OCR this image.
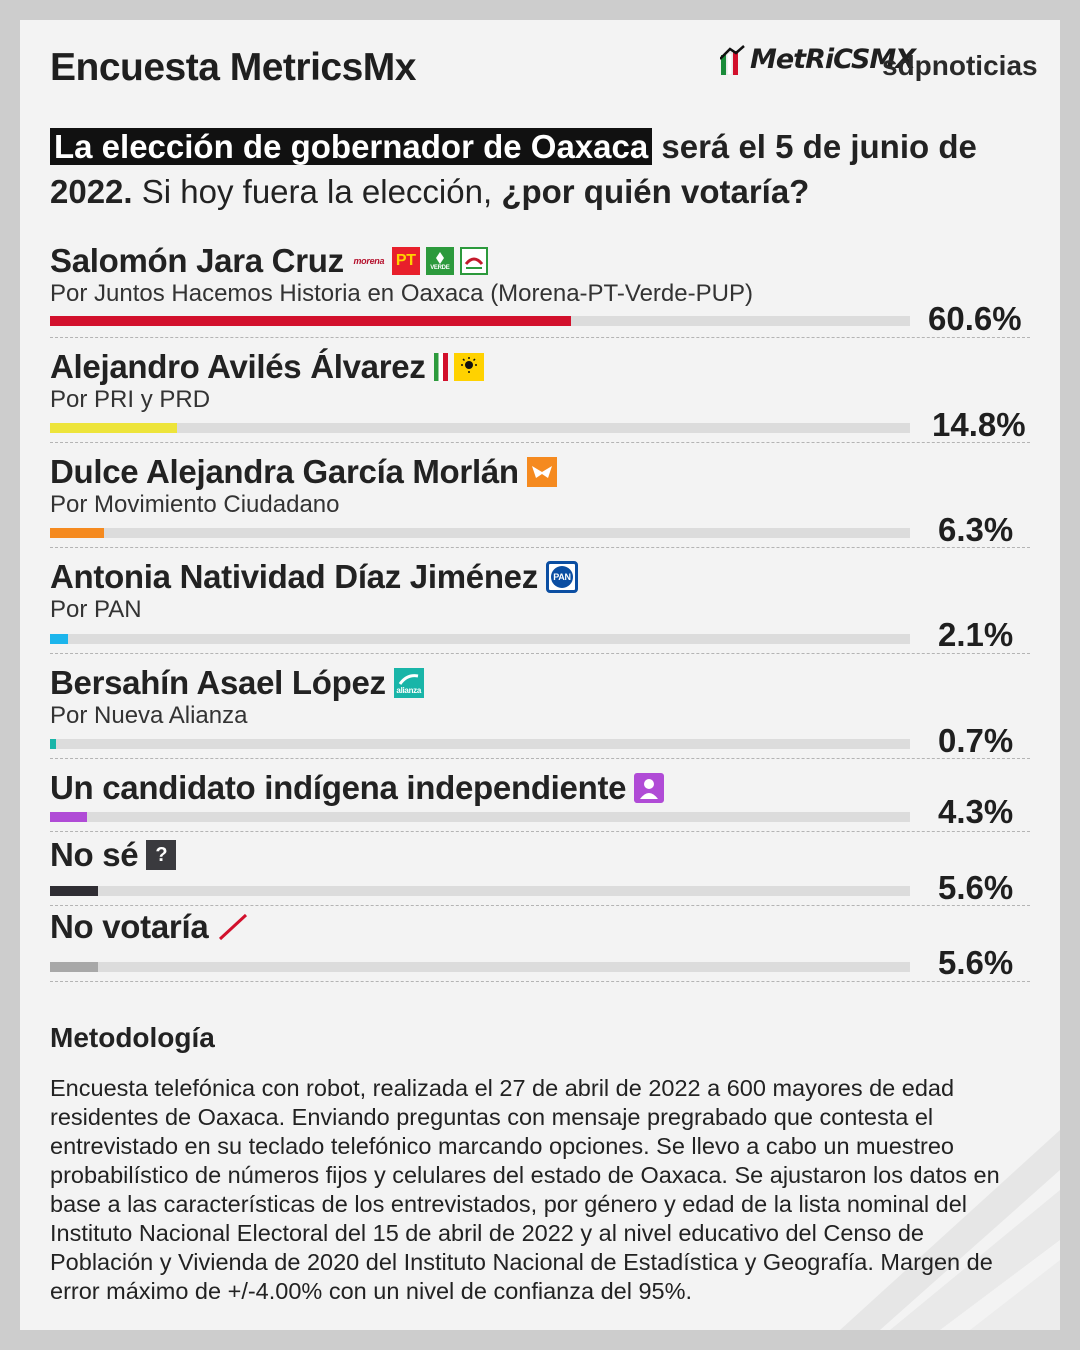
Encuesta MetricsMx	MetRiCSMX
sdpnoticias
La elección de gobernador de Oaxaca será el 5 de junio de 2022. Si hoy fuera la elección, ¿por quién votaría?
Salomón Jara Cruz morena PT	VERDE
Por Juntos Hacemos Historia en Oaxaca (Morena-PT-Verde-PUP)
60.6%
Alejandro Avilés Álvarez
Por PRI y PRD
14.8%
Dulce Alejandra García Morlán
Por Movimiento Ciudadano
6.3%
Antonia Natividad Díaz Jiménez PAN
Por PAN
2.1%
Bersahín Asael López alianza
Por Nueva Alianza
0.7%
Un candidato indígena independiente
4.3%
No sé ?
5.6%
No votaría
5.6%
Metodología
Encuesta telefónica con robot, realizada el 27 de abril de 2022 a 600 mayores de edad residentes de Oaxaca. Enviando preguntas con mensaje pregrabado que contesta el entrevistado en su teclado telefónico marcando opciones. Se llevo a cabo un muestreo probabilístico de números fijos y celulares del estado de Oaxaca. Se ajustaron los datos en base a las características de los entrevistados, por género y edad de la lista nominal del Instituto Nacional Electoral del 15 de abril de 2022 y al nivel educativo del Censo de Población y Vivienda de 2020 del Instituto Nacional de Estadística y Geografía. Margen de error máximo de +/-4.00% con un nivel de confianza del 95%.
